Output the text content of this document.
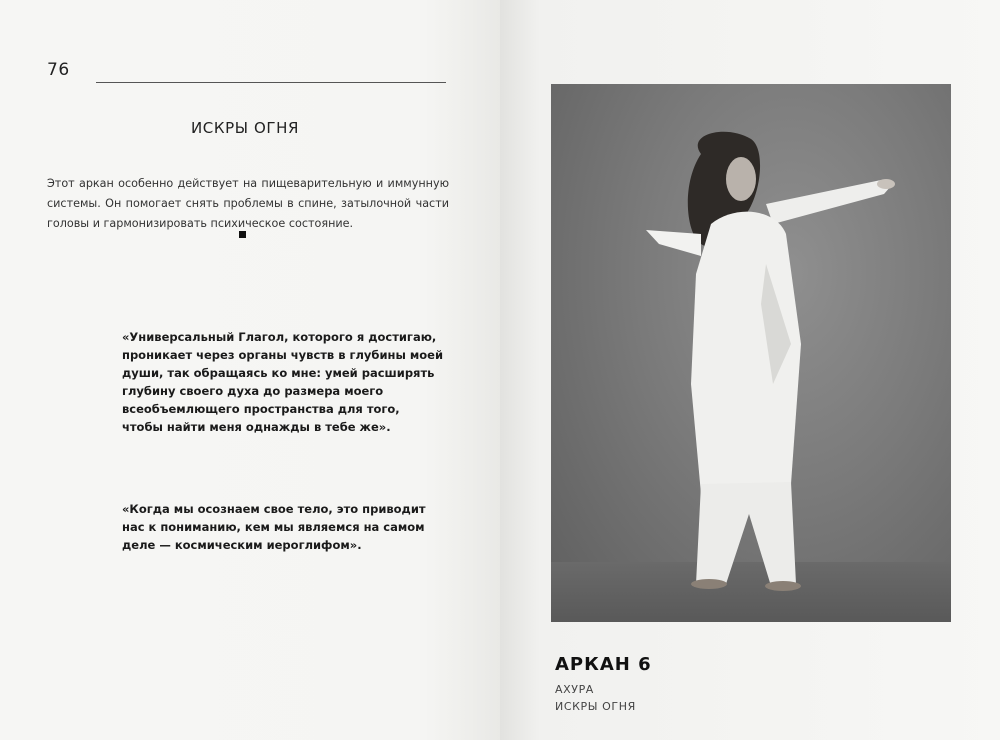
76
ИСКРЫ ОГНЯ

Этот аркан особенно действует на пищеварительную и иммунную системы. Он помогает снять проблемы в спине, затылочной части головы и гармонизировать психическое состояние.

«Универсальный Глагол, которого я достигаю,
проникает через органы чувств в глубины моей
души, так обращаясь ко мне: умей расширять
глубину своего духа до размера моего
всеобъемлющего пространства для того,
чтобы найти меня однажды в тебе же».
«Когда мы осознаем свое тело, это приводит
нас к пониманию, кем мы являемся на самом
деле — космическим иероглифом».
АРКАН 6
АХУРА
ИСКРЫ ОГНЯ
